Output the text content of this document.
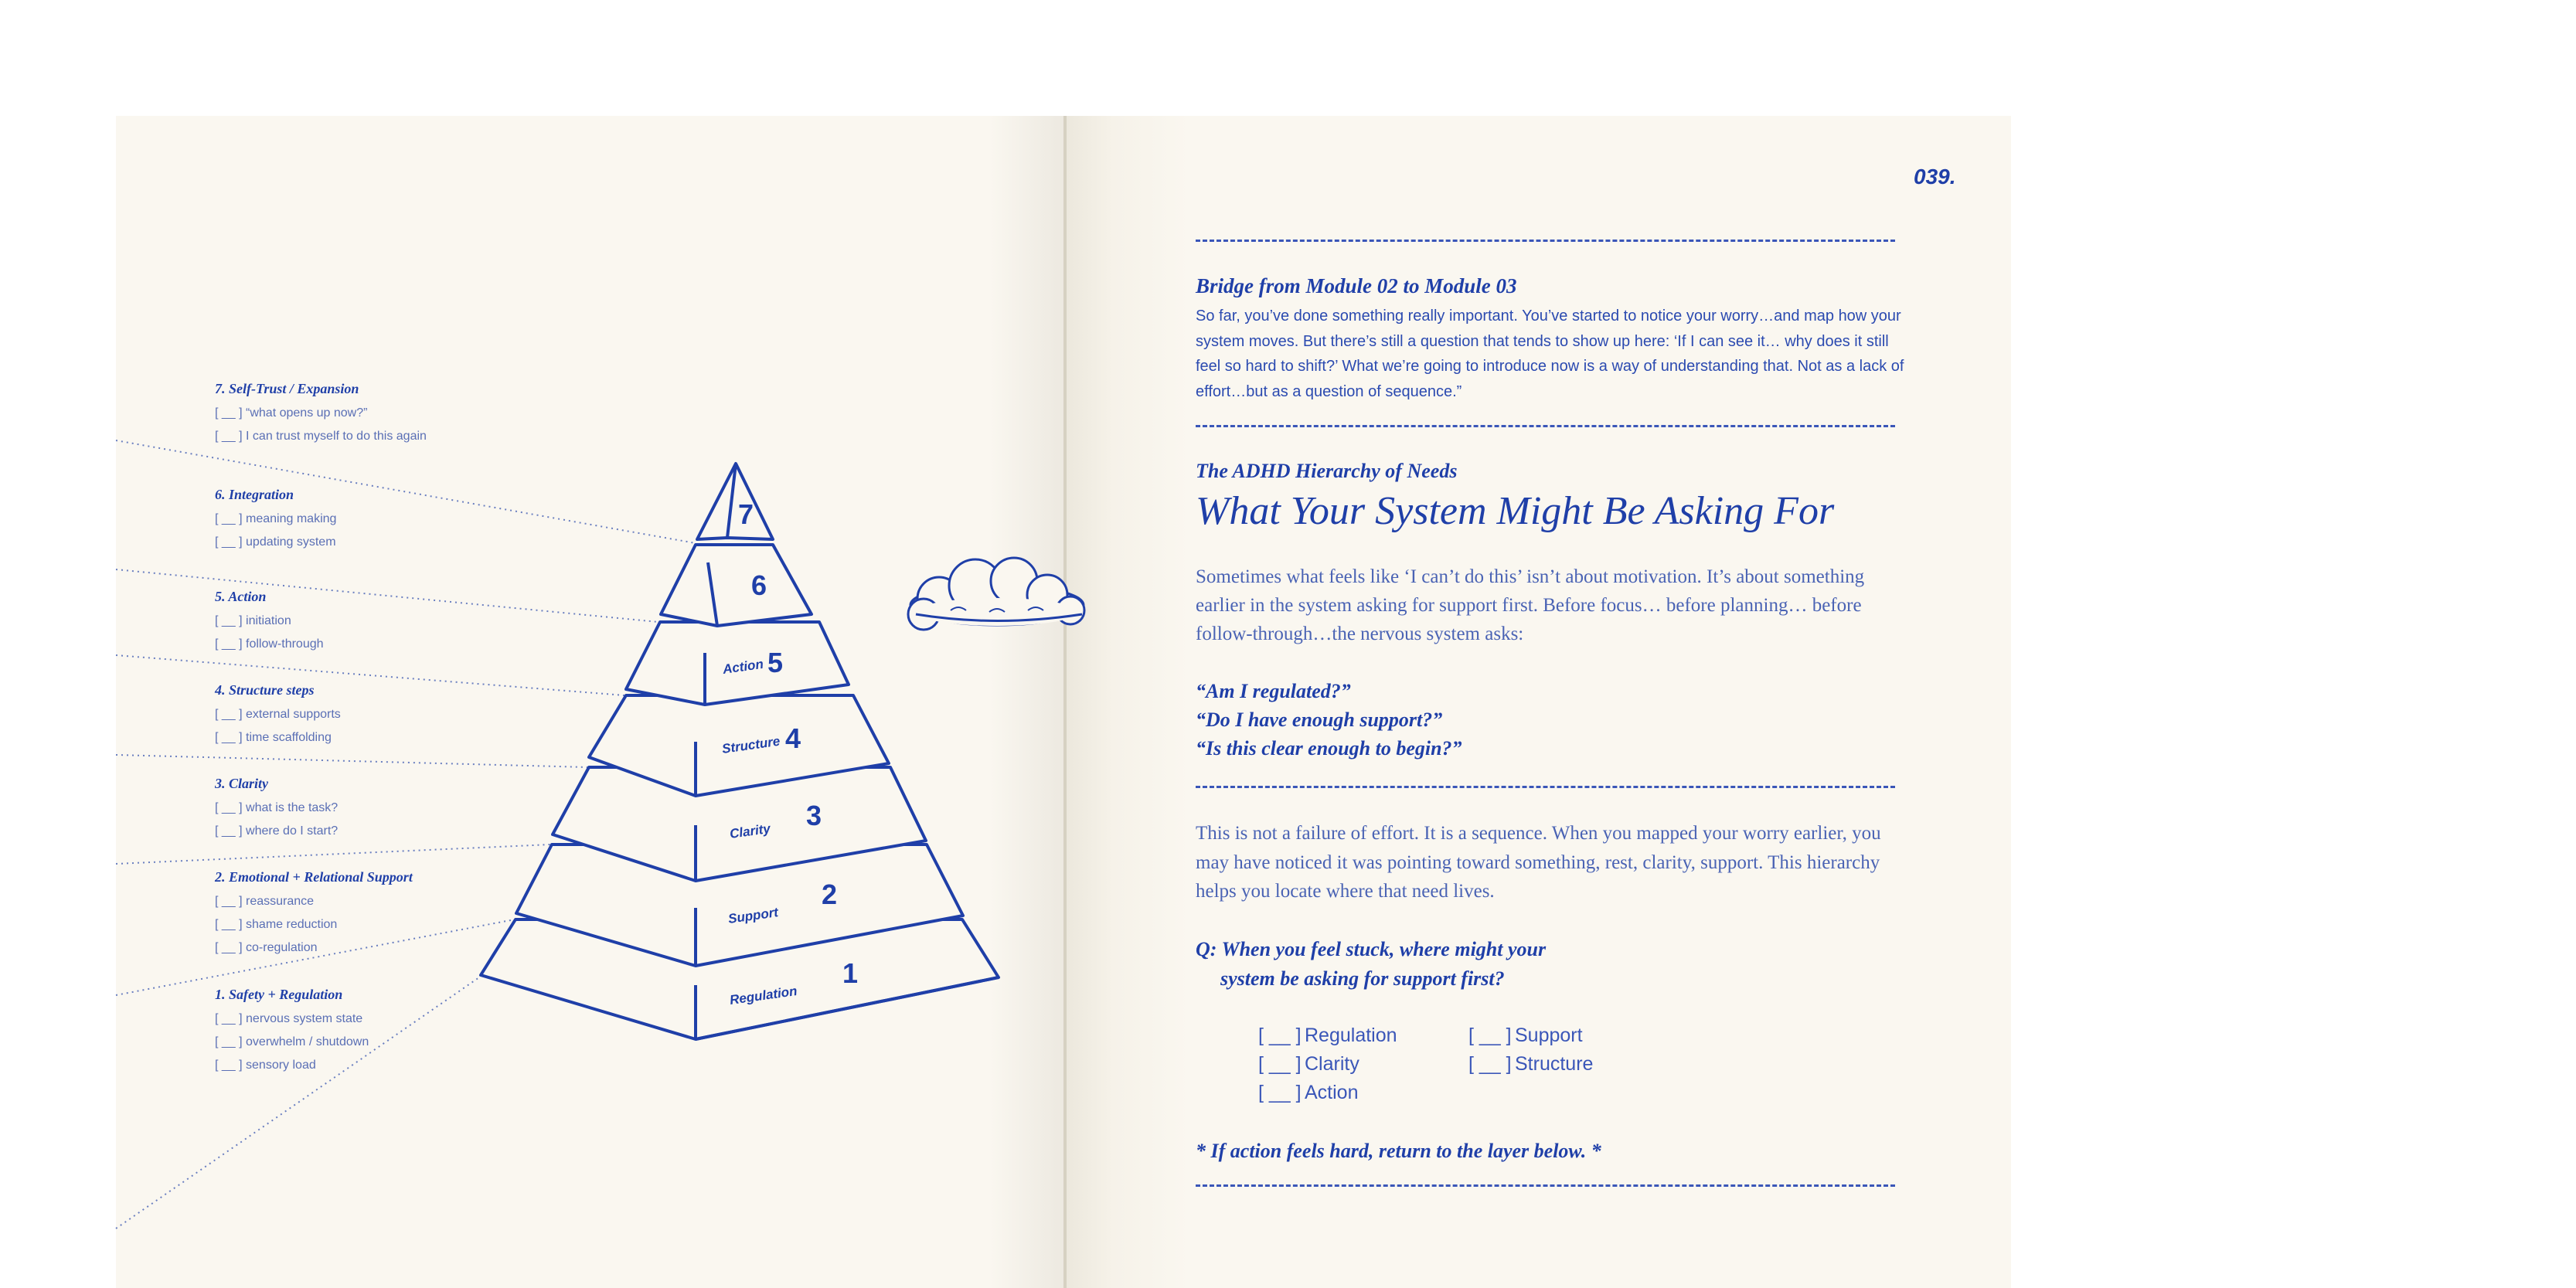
Regulation
1
Support
2
Clarity 3
Structure 4
Action 5
6
7
7. Self-Trust / Expansion
[ __ ] “what opens up now?”
[ __ ] I can trust myself to do this again
6. Integration
[ __ ] meaning making
[ __ ] updating system
5. Action
[ __ ] initiation
[ __ ] follow-through
4. Structure steps
[ __ ] external supports
[ __ ] time scaffolding
3. Clarity
[ __ ] what is the task?
[ __ ] where do I start?
2. Emotional + Relational Support
[ __ ] reassurance
[ __ ] shame reduction
[ __ ] co-regulation
1. Safety + Regulation
[ __ ] nervous system state
[ __ ] overwhelm / shutdown
[ __ ] sensory load
039.
Bridge from Module 02 to Module 03
So far, you’ve done something really important. You’ve started to notice your worry…and map how your system moves. But there’s still a question that tends to show up here: ‘If I can see it… why does it still feel so hard to shift?’ What we’re going to introduce now is a way of understanding that. Not as a lack of effort…but as a question of sequence.”
The ADHD Hierarchy of Needs
What Your System Might Be Asking For
Sometimes what feels like ‘I can’t do this’ isn’t about motivation. It’s about something earlier in the system asking for support first. Before focus… before planning… before follow-through…the nervous system asks:
“Am I regulated?”
“Do I have enough support?”
“Is this clear enough to begin?”
This is not a failure of effort. It is a sequence. When you mapped your worry earlier, you may have noticed it was pointing toward something, rest, clarity, support. This hierarchy helps you locate where that need lives.
Q: When you feel stuck, where might your
system be asking for support first?
[ __ ] Regulation	[ __ ] Support
[ __ ] Clarity	[ __ ] Structure
[ __ ] Action
* If action feels hard, return to the layer below. *
